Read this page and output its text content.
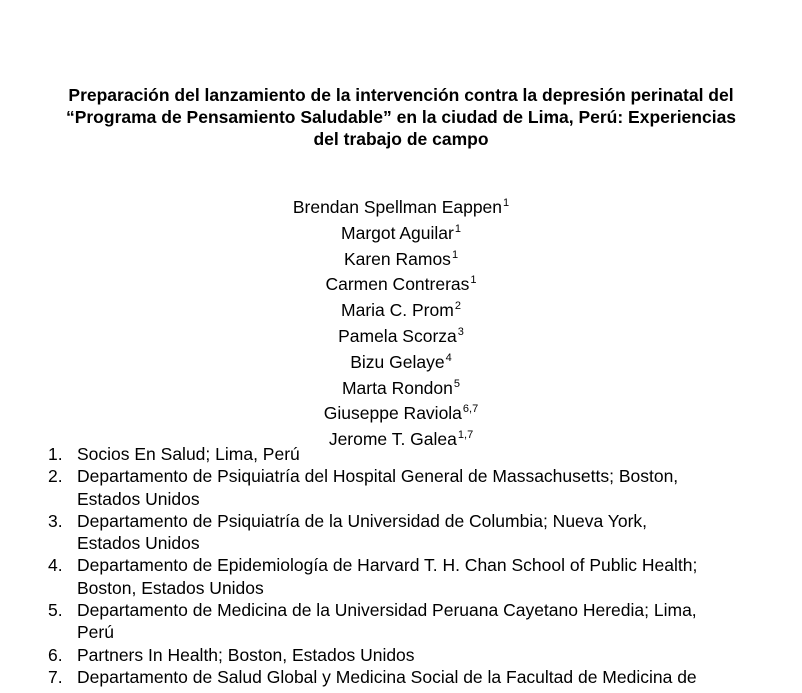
Preparación del lanzamiento de la intervención contra la depresión perinatal del
“Programa de Pensamiento Saludable” en la ciudad de Lima, Perú: Experiencias
del trabajo de campo
Brendan Spellman Eappen$^1$
Margot Aguilar$^1$
Karen Ramos$^1$
Carmen Contreras$^1$
Maria C. Prom$^2$
Pamela Scorza$^3$
Bizu Gelaye$^4$
Marta Rondon$^5$
Giuseppe Raviola$^{6,7}$
Jerome T. Galea$^{1,7}$
1. Socios En Salud; Lima, Perú
2. Departamento de Psiquiatría del Hospital General de Massachusetts; Boston,
Estados Unidos
3. Departamento de Psiquiatría de la Universidad de Columbia; Nueva York,
Estados Unidos
4. Departamento de Epidemiología de Harvard T. H. Chan School of Public Health;
Boston, Estados Unidos
5. Departamento de Medicina de la Universidad Peruana Cayetano Heredia; Lima,
Perú
6. Partners In Health; Boston, Estados Unidos
7. Departamento de Salud Global y Medicina Social de la Facultad de Medicina de
